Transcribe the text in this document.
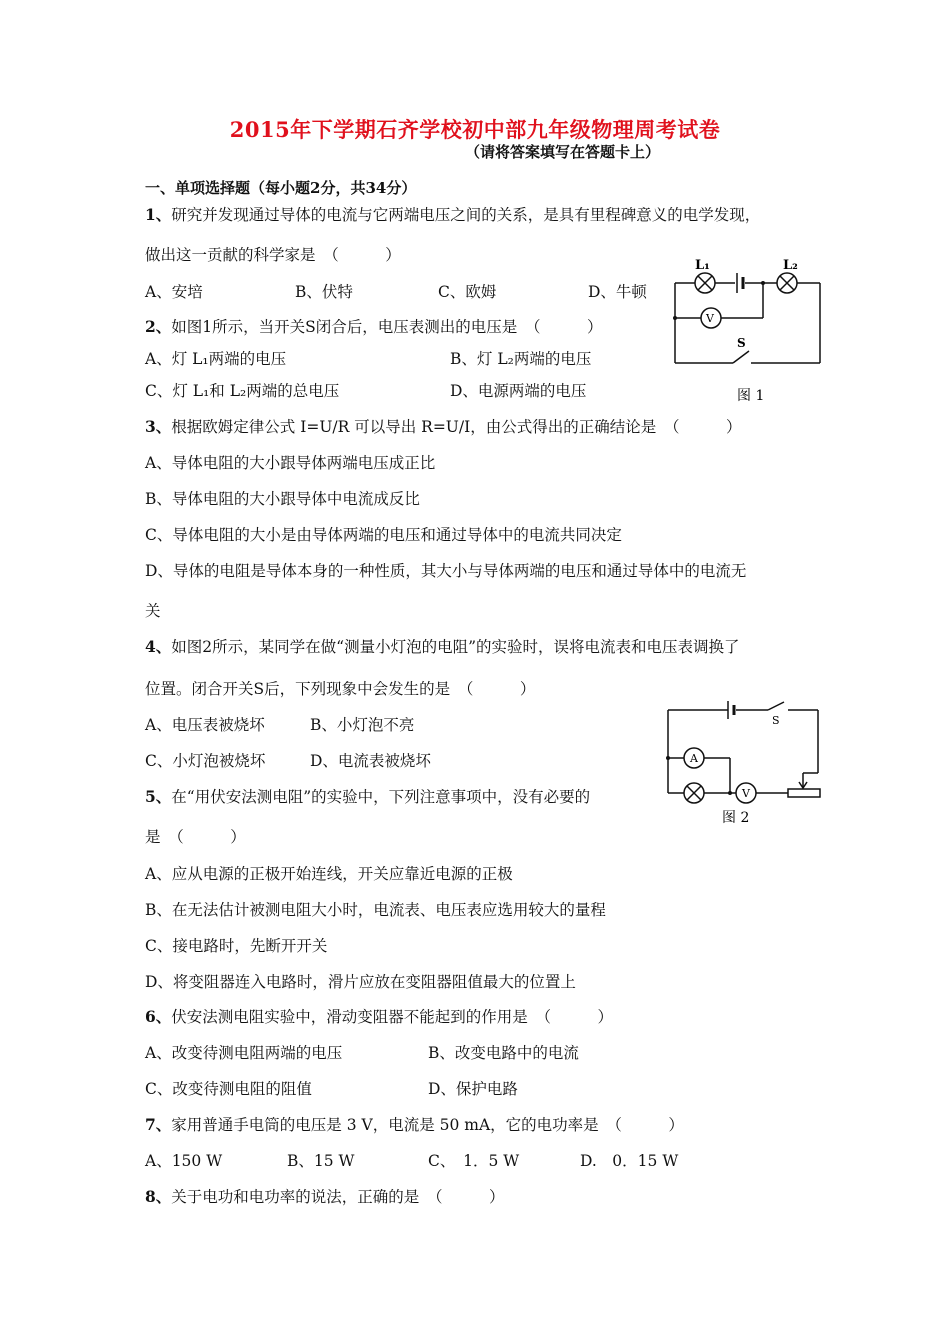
2015年下学期石齐学校初中部九年级物理周考试卷
（请将答案填写在答题卡上）
一、单项选择题（每小题2分，共34分）
1、研究并发现通过导体的电流与它两端电压之间的关系，是具有里程碑意义的电学发现，
做出这一贡献的科学家是　（　　　）
A、安培	B、伏特	C、欧姆	D、牛顿
2、如图1所示，当开关S闭合后，电压表测出的电压是　（　　　）
A、灯 L₁两端的电压	B、灯 L₂两端的电压
C、灯 L₁和 L₂两端的总电压	D、电源两端的电压
3、根据欧姆定律公式 I=U/R 可以导出 R=U/I，由公式得出的正确结论是　（　　　）
A、导体电阻的大小跟导体两端电压成正比
B、导体电阻的大小跟导体中电流成反比
C、导体电阻的大小是由导体两端的电压和通过导体中的电流共同决定
D、导体的电阻是导体本身的一种性质，其大小与导体两端的电压和通过导体中的电流无
关
4、如图2所示，某同学在做“测量小灯泡的电阻”的实验时，误将电流表和电压表调换了
位置。闭合开关S后，下列现象中会发生的是　（　　　）
A、电压表被烧坏	B、小灯泡不亮
C、小灯泡被烧坏	D、电流表被烧坏
5、在“用伏安法测电阻”的实验中，下列注意事项中，没有必要的
是　（　　　）
A、应从电源的正极开始连线，开关应靠近电源的正极
B、在无法估计被测电阻大小时，电流表、电压表应选用较大的量程
C、接电路时，先断开开关
D、将变阻器连入电路时，滑片应放在变阻器阻值最大的位置上
6、伏安法测电阻实验中，滑动变阻器不能起到的作用是　（　　　）
A、改变待测电阻两端的电压	B、改变电路中的电流
C、改变待测电阻的阻值	D、保护电路
7、家用普通手电筒的电压是 3 V，电流是 50 mA，它的电功率是　（　　　）
A、150 W	B、15 W	C、　1．5 W	D.　0．15 W
8、关于电功和电功率的说法，正确的是　（　　　）
L₁	L₂
V
S
图 1
A
V
S
图 2
